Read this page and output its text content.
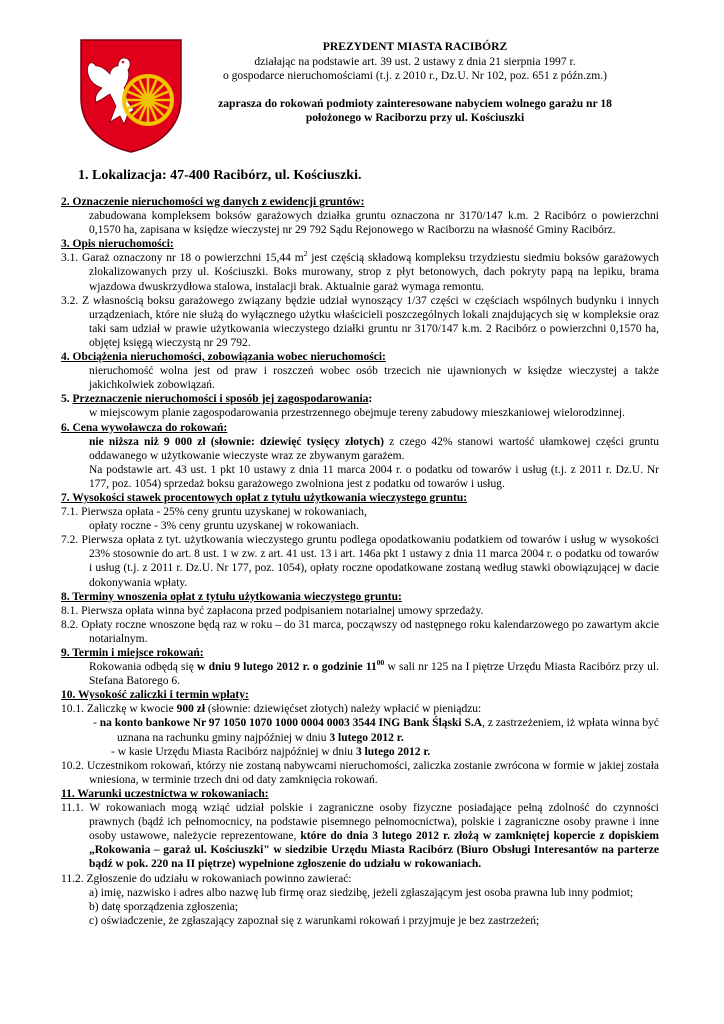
PREZYDENT MIASTA RACIBÓRZ
działając na podstawie art. 39 ust. 2 ustawy z dnia 21 sierpnia 1997 r.
o gospodarce nieruchomościami (t.j. z 2010 r., Dz.U. Nr 102, poz. 651 z późn.zm.)
zaprasza do rokowań podmioty zainteresowane nabyciem wolnego garażu nr 18
położonego w Raciborzu przy ul. Kościuszki
1. Lokalizacja: 47-400 Racibórz, ul. Kościuszki.

2. Oznaczenie nieruchomości wg danych z ewidencji gruntów:

zabudowana kompleksem boksów garażowych działka gruntu oznaczona nr 3170/147 k.m. 2 Racibórz o powierzchni 0,1570 ha, zapisana w księdze wieczystej nr 29 792 Sądu Rejonowego w Raciborzu na własność Gminy Racibórz.

3. Opis nieruchomości:

3.1. Garaż oznaczony nr 18 o powierzchni 15,44 $m^2$ jest częścią składową kompleksu trzydziestu siedmiu boksów garażowych zlokalizowanych przy ul. Kościuszki. Boks murowany, strop z płyt betonowych, dach pokryty papą na lepiku, brama wjazdowa dwuskrzydłowa stalowa, instalacji brak. Aktualnie garaż wymaga remontu.

3.2. Z własnością boksu garażowego związany będzie udział wynoszący 1/37 części w częściach wspólnych budynku i innych urządzeniach, które nie służą do wyłącznego użytku właścicieli poszczególnych lokali znajdujących się w kompleksie oraz taki sam udział w prawie użytkowania wieczystego działki gruntu nr 3170/147 k.m. 2 Racibórz o powierzchni 0,1570 ha, objętej księgą wieczystą nr 29 792.

4. Obciążenia nieruchomości, zobowiązania wobec nieruchomości:

nieruchomość wolna jest od praw i roszczeń wobec osób trzecich nie ujawnionych w księdze wieczystej a także jakichkolwiek zobowiązań.

5. Przeznaczenie nieruchomości i sposób jej zagospodarowania:

w miejscowym planie zagospodarowania przestrzennego obejmuje tereny zabudowy mieszkaniowej wielorodzinnej.

6. Cena wywoławcza do rokowań:

nie niższa niż 9 000 zł (słownie: dziewięć tysięcy złotych) z czego 42% stanowi wartość ułamkowej części gruntu oddawanego w użytkowanie wieczyste wraz ze zbywanym garażem.

Na podstawie art. 43 ust. 1 pkt 10 ustawy z dnia 11 marca 2004 r. o podatku od towarów i usług (t.j. z 2011 r. Dz.U. Nr 177, poz. 1054) sprzedaż boksu garażowego zwolniona jest z podatku od towarów i usług.

7. Wysokości stawek procentowych opłat z tytułu użytkowania wieczystego gruntu:

7.1. Pierwsza opłata - 25% ceny gruntu uzyskanej w rokowaniach,

opłaty roczne - 3% ceny gruntu uzyskanej w rokowaniach.

7.2. Pierwsza opłata z tyt. użytkowania wieczystego gruntu podlega opodatkowaniu podatkiem od towarów i usług w wysokości 23% stosownie do art. 8 ust. 1 w zw. z art. 41 ust. 13 i art. 146a pkt 1 ustawy z dnia 11 marca 2004 r. o podatku od towarów i usług (t.j. z 2011 r. Dz.U. Nr 177, poz. 1054), opłaty roczne opodatkowane zostaną według stawki obowiązującej w dacie dokonywania wpłaty.

8. Terminy wnoszenia opłat z tytułu użytkowania wieczystego gruntu:

8.1. Pierwsza opłata winna być zapłacona przed podpisaniem notarialnej umowy sprzedaży.

8.2. Opłaty roczne wnoszone będą raz w roku – do 31 marca, począwszy od następnego roku kalendarzowego po zawartym akcie notarialnym.

9. Termin i miejsce rokowań:

Rokowania odbędą się w dniu 9 lutego 2012 r. o godzinie $11^{00}$ w sali nr 125 na I piętrze Urzędu Miasta Racibórz przy ul. Stefana Batorego 6.

10. Wysokość zaliczki i termin wpłaty:

10.1. Zaliczkę w kwocie 900 zł (słownie: dziewięćset złotych) należy wpłacić w pieniądzu:

- na konto bankowe Nr 97 1050 1070 1000 0004 0003 3544 ING Bank Śląski S.A, z zastrzeżeniem, iż wpłata winna być uznana na rachunku gminy najpóźniej w dniu 3 lutego 2012 r.

- w kasie Urzędu Miasta Racibórz najpóźniej w dniu 3 lutego 2012 r.

10.2. Uczestnikom rokowań, którzy nie zostaną nabywcami nieruchomości, zaliczka zostanie zwrócona w formie w jakiej została wniesiona, w terminie trzech dni od daty zamknięcia rokowań.

11. Warunki uczestnictwa w rokowaniach:

11.1. W rokowaniach mogą wziąć udział polskie i zagraniczne osoby fizyczne posiadające pełną zdolność do czynności prawnych (bądź ich pełnomocnicy, na podstawie pisemnego pełnomocnictwa), polskie i zagraniczne osoby prawne i inne osoby ustawowe, należycie reprezentowane, które do dnia 3 lutego 2012 r. złożą w zamkniętej kopercie z dopiskiem „Rokowania – garaż ul. Kościuszki" w siedzibie Urzędu Miasta Racibórz (Biuro Obsługi Interesantów na parterze bądź w pok. 220 na II piętrze) wypełnione zgłoszenie do udziału w rokowaniach.

11.2. Zgłoszenie do udziału w rokowaniach powinno zawierać:

a) imię, nazwisko i adres albo nazwę lub firmę oraz siedzibę, jeżeli zgłaszającym jest osoba prawna lub inny podmiot;

b) datę sporządzenia zgłoszenia;

c) oświadczenie, że zgłaszający zapoznał się z warunkami rokowań i przyjmuje je bez zastrzeżeń;
